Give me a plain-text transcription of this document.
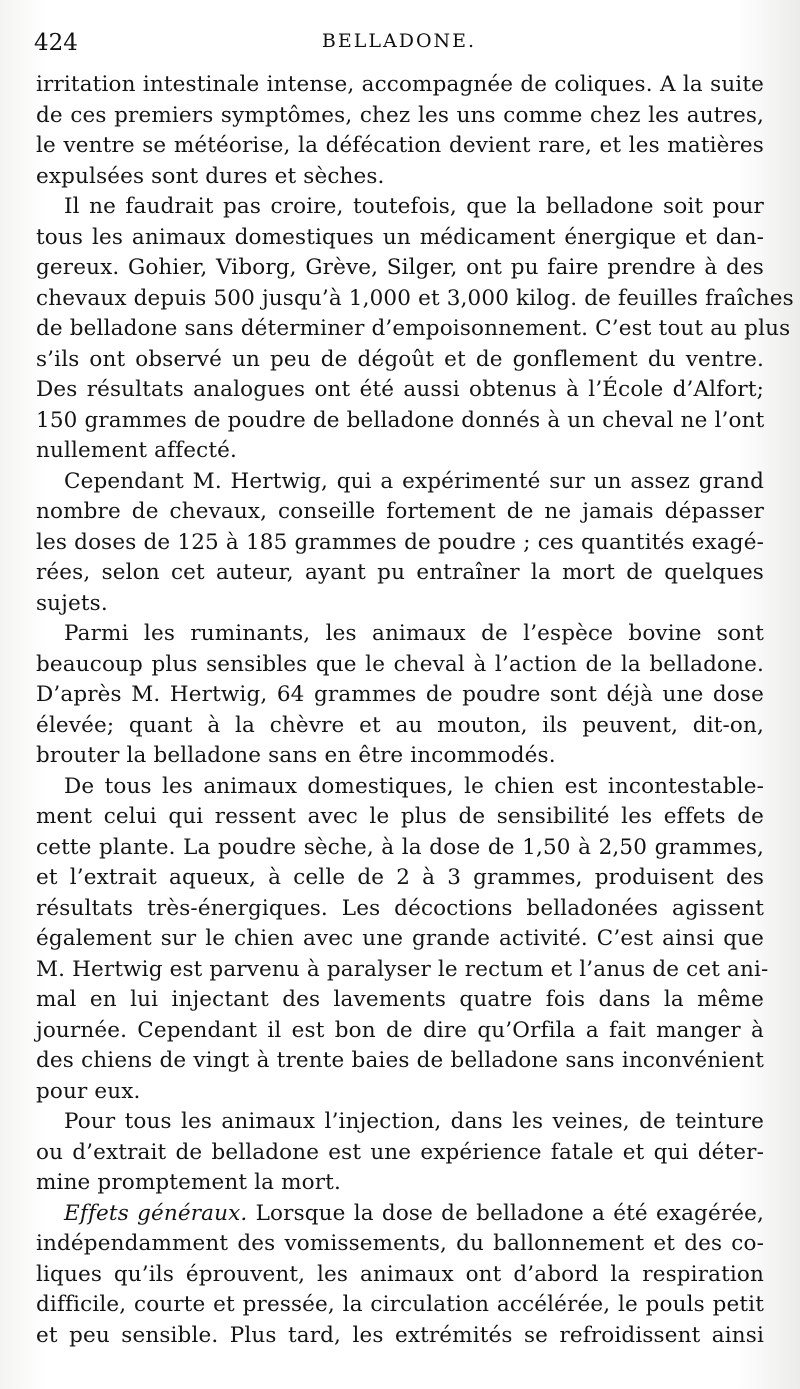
424	BELLADONE.
irritation intestinale intense, accompagnée de coliques. A la suite
de ces premiers symptômes, chez les uns comme chez les autres,
le ventre se météorise, la défécation devient rare, et les matières
expulsées sont dures et sèches.
Il ne faudrait pas croire, toutefois, que la belladone soit pour
tous les animaux domestiques un médicament énergique et dan-
gereux. Gohier, Viborg, Grève, Silger, ont pu faire prendre à des
chevaux depuis 500 jusqu’à 1,000 et 3,000 kilog. de feuilles fraîches
de belladone sans déterminer d’empoisonnement. C’est tout au plus
s’ils ont observé un peu de dégoût et de gonflement du ventre.
Des résultats analogues ont été aussi obtenus à l’École d’Alfort;
150 grammes de poudre de belladone donnés à un cheval ne l’ont
nullement affecté.
Cependant M. Hertwig, qui a expérimenté sur un assez grand
nombre de chevaux, conseille fortement de ne jamais dépasser
les doses de 125 à 185 grammes de poudre ; ces quantités exagé-
rées, selon cet auteur, ayant pu entraîner la mort de quelques
sujets.
Parmi les ruminants, les animaux de l’espèce bovine sont
beaucoup plus sensibles que le cheval à l’action de la belladone.
D’après M. Hertwig, 64 grammes de poudre sont déjà une dose
élevée; quant à la chèvre et au mouton, ils peuvent, dit-on,
brouter la belladone sans en être incommodés.
De tous les animaux domestiques, le chien est incontestable-
ment celui qui ressent avec le plus de sensibilité les effets de
cette plante. La poudre sèche, à la dose de 1,50 à 2,50 grammes,
et l’extrait aqueux, à celle de 2 à 3 grammes, produisent des
résultats très-énergiques. Les décoctions belladonées agissent
également sur le chien avec une grande activité. C’est ainsi que
M. Hertwig est parvenu à paralyser le rectum et l’anus de cet ani-
mal en lui injectant des lavements quatre fois dans la même
journée. Cependant il est bon de dire qu’Orfila a fait manger à
des chiens de vingt à trente baies de belladone sans inconvénient
pour eux.
Pour tous les animaux l’injection, dans les veines, de teinture
ou d’extrait de belladone est une expérience fatale et qui déter-
mine promptement la mort.
Effets généraux. Lorsque la dose de belladone a été exagérée,
indépendamment des vomissements, du ballonnement et des co-
liques qu’ils éprouvent, les animaux ont d’abord la respiration
difficile, courte et pressée, la circulation accélérée, le pouls petit
et peu sensible. Plus tard, les extrémités se refroidissent ainsi
